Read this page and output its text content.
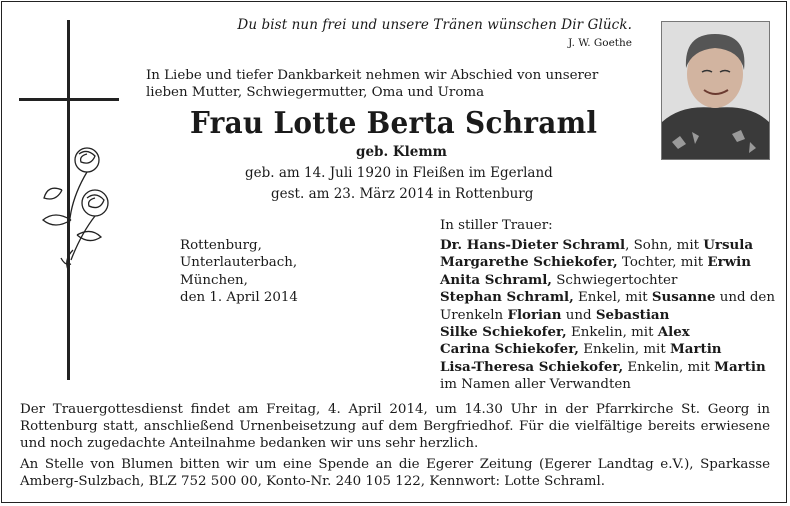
Du bist nun frei und unsere Tränen wünschen Dir Glück.
J. W. Goethe
In Liebe und tiefer Dankbarkeit nehmen wir Abschied von unserer
lieben Mutter, Schwiegermutter, Oma und Uroma
Frau Lotte Berta Schraml
geb. Klemm
geb. am 14. Juli 1920 in Fleißen im Egerland
gest. am 23. März 2014 in Rottenburg
Rottenburg,
Unterlauterbach,
München,
den 1. April 2014
In stiller Trauer:
Dr. Hans-Dieter Schraml, Sohn, mit Ursula
Margarethe Schiekofer, Tochter, mit Erwin
Anita Schraml, Schwiegertochter
Stephan Schraml, Enkel, mit Susanne und den
Urenkeln Florian und Sebastian
Silke Schiekofer, Enkelin, mit Alex
Carina Schiekofer, Enkelin, mit Martin
Lisa-Theresa Schiekofer, Enkelin, mit Martin
im Namen aller Verwandten
Der Trauergottesdienst findet am Freitag, 4. April 2014, um 14.30 Uhr in der Pfarrkirche St. Georg in Rottenburg statt, anschließend Urnenbeisetzung auf dem Bergfriedhof. Für die vielfältige bereits erwiesene und noch zugedachte Anteilnahme bedanken wir uns sehr herzlich.
An Stelle von Blumen bitten wir um eine Spende an die Egerer Zeitung (Egerer Landtag e.V.), Sparkasse Amberg-Sulzbach, BLZ 752 500 00, Konto-Nr. 240 105 122, Kennwort: Lotte Schraml.
